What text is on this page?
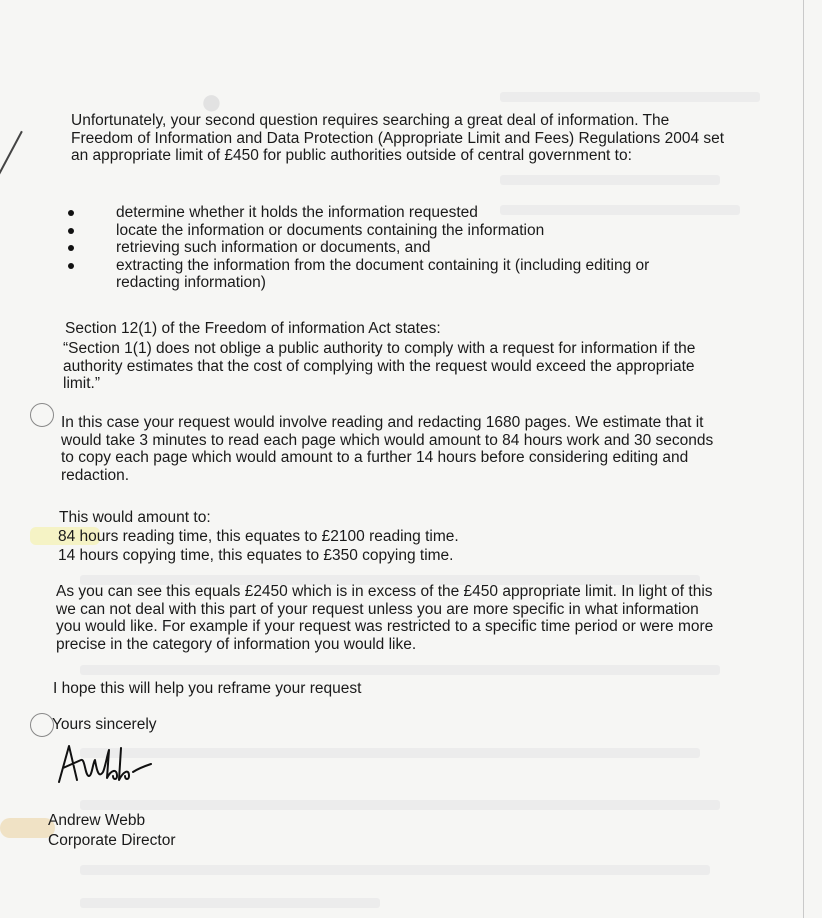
●
Unfortunately, your second question requires searching a great deal of information. The Freedom of Information and Data Protection (Appropriate Limit and Fees) Regulations 2004 set an appropriate limit of £450 for public authorities outside of central government to:
determine whether it holds the information requested
locate the information or documents containing the information
retrieving such information or documents, and
extracting the information from the document containing it (including editing or redacting information)
Section 12(1) of the Freedom of information Act states:
“Section 1(1) does not oblige a public authority to comply with a request for information if the authority estimates that the cost of complying with the request would exceed the appropriate limit.”
In this case your request would involve reading and redacting 1680 pages. We estimate that it would take 3 minutes to read each page which would amount to 84 hours work and 30 seconds to copy each page which would amount to a further 14 hours before considering editing and redaction.
This would amount to:
84 hours reading time, this equates to £2100 reading time.
14 hours copying time, this equates to £350 copying time.
As you can see this equals £2450 which is in excess of the £450 appropriate limit. In light of this we can not deal with this part of your request unless you are more specific in what information you would like. For example if your request was restricted to a specific time period or were more precise in the category of information you would like.
I hope this will help you reframe your request
Yours sincerely
Andrew Webb
Corporate Director
